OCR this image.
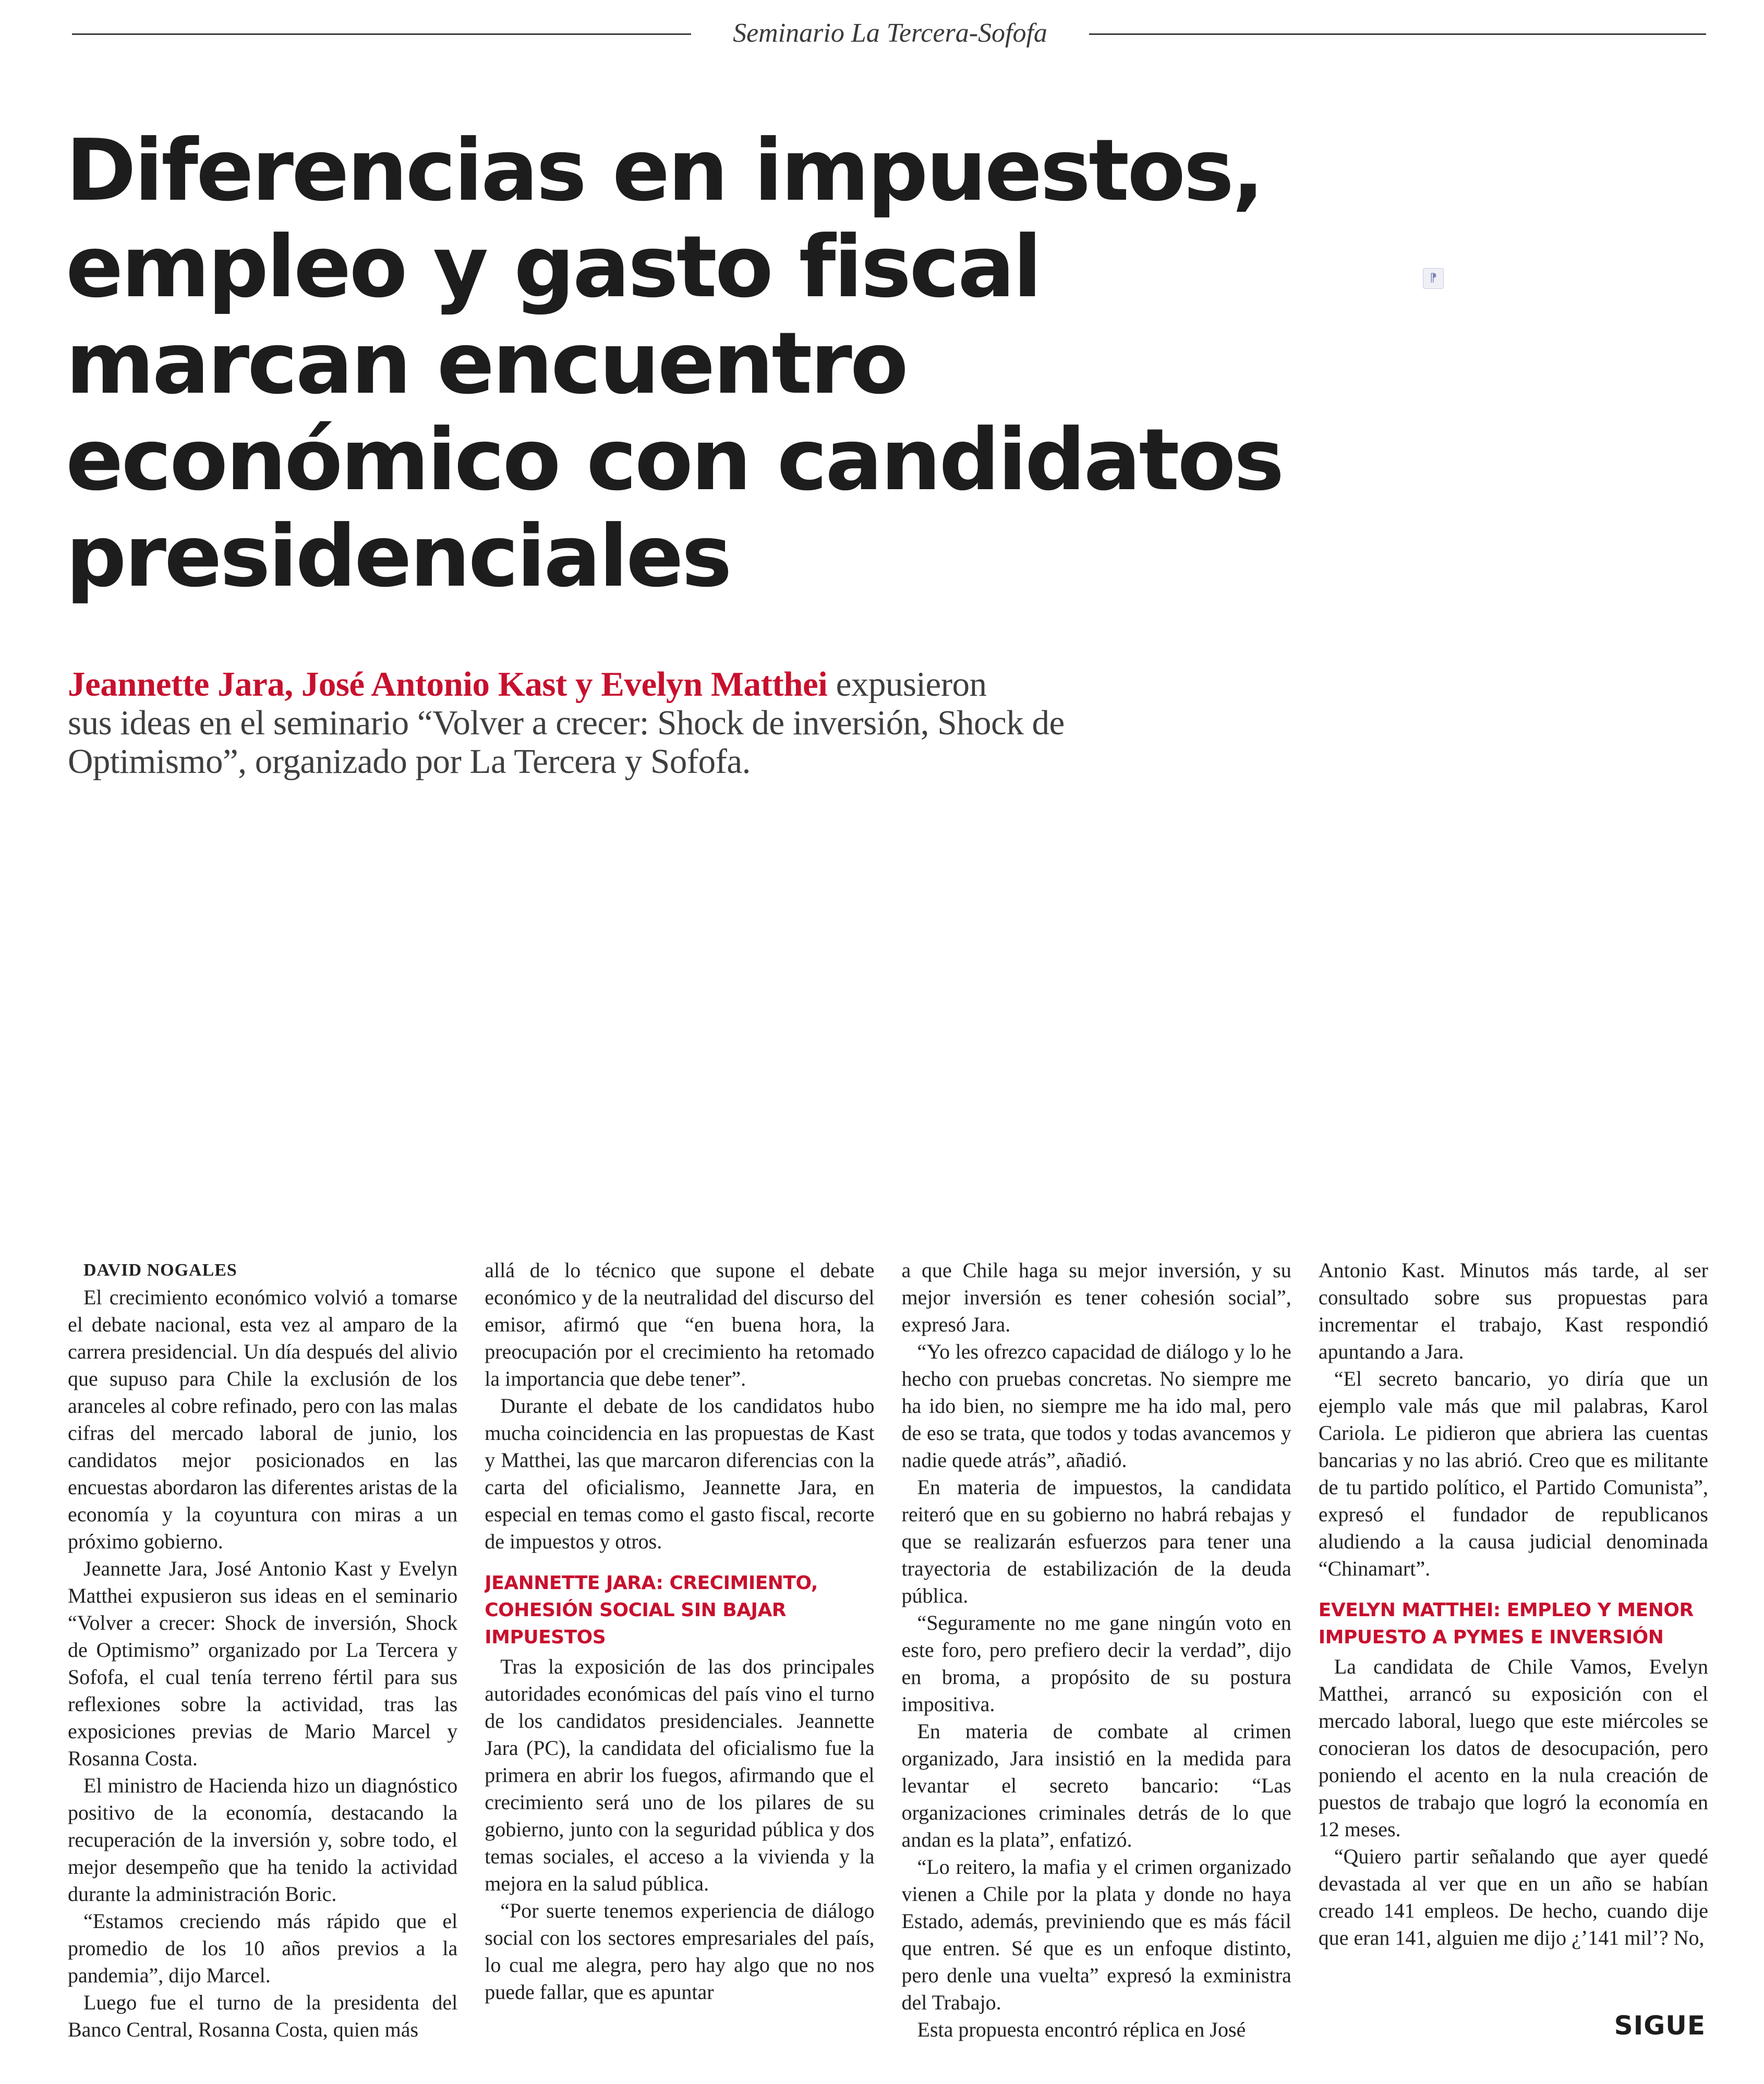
Seminario La Tercera-Sofofa
Diferencias en impuestos,
empleo y gasto fiscal
marcan encuentro
económico con candidatos
presidenciales
⁋
Jeannette Jara, José Antonio Kast y Evelyn Matthei expusieron
sus ideas en el seminario “Volver a crecer: Shock de inversión, Shock de
Optimismo”, organizado por La Tercera y Sofofa.

DAVID NOGALES

El crecimiento económico volvió a tomarse el debate nacional, esta vez al amparo de la carrera presidencial. Un día después del alivio que supuso para Chile la exclusión de los aranceles al cobre refinado, pero con las malas cifras del mercado laboral de junio, los candidatos mejor posicionados en las encuestas abordaron las diferentes aristas de la economía y la coyuntura con miras a un próximo gobierno.

Jeannette Jara, José Antonio Kast y Evelyn Matthei expusieron sus ideas en el seminario “Volver a crecer: Shock de inversión, Shock de Optimismo” organizado por La Tercera y Sofofa, el cual tenía terreno fértil para sus reflexiones sobre la actividad, tras las exposiciones previas de Mario Marcel y Rosanna Costa.

El ministro de Hacienda hizo un diagnóstico positivo de la economía, destacando la recuperación de la inversión y, sobre todo, el mejor desempeño que ha tenido la actividad durante la administración Boric.

“Estamos creciendo más rápido que el promedio de los 10 años previos a la pandemia”, dijo Marcel.

Luego fue el turno de la presidenta del Banco Central, Rosanna Costa, quien más

allá de lo técnico que supone el debate económico y de la neutralidad del discurso del emisor, afirmó que “en buena hora, la preocupación por el crecimiento ha retomado la importancia que debe tener”.

Durante el debate de los candidatos hubo mucha coincidencia en las propuestas de Kast y Matthei, las que marcaron diferencias con la carta del oficialismo, Jeannette Jara, en especial en temas como el gasto fiscal, recorte de impuestos y otros.

JEANNETTE JARA: CRECIMIENTO, COHESIÓN SOCIAL SIN BAJAR IMPUESTOS

Tras la exposición de las dos principales autoridades económicas del país vino el turno de los candidatos presidenciales. Jeannette Jara (PC), la candidata del oficialismo fue la primera en abrir los fuegos, afirmando que el crecimiento será uno de los pilares de su gobierno, junto con la seguridad pública y dos temas sociales, el acceso a la vivienda y la mejora en la salud pública.

“Por suerte tenemos experiencia de diálogo social con los sectores empresariales del país, lo cual me alegra, pero hay algo que no nos puede fallar, que es apuntar

a que Chile haga su mejor inversión, y su mejor inversión es tener cohesión social”, expresó Jara.

“Yo les ofrezco capacidad de diálogo y lo he hecho con pruebas concretas. No siempre me ha ido bien, no siempre me ha ido mal, pero de eso se trata, que todos y todas avancemos y nadie quede atrás”, añadió.

En materia de impuestos, la candidata reiteró que en su gobierno no habrá rebajas y que se realizarán esfuerzos para tener una trayectoria de estabilización de la deuda pública.

“Seguramente no me gane ningún voto en este foro, pero prefiero decir la verdad”, dijo en broma, a propósito de su postura impositiva.

En materia de combate al crimen organizado, Jara insistió en la medida para levantar el secreto bancario: “Las organizaciones criminales detrás de lo que andan es la plata”, enfatizó.

“Lo reitero, la mafia y el crimen organizado vienen a Chile por la plata y donde no haya Estado, además, previniendo que es más fácil que entren. Sé que es un enfoque distinto, pero denle una vuelta” expresó la exministra del Trabajo.

Esta propuesta encontró réplica en José

Antonio Kast. Minutos más tarde, al ser consultado sobre sus propuestas para incrementar el trabajo, Kast respondió apuntando a Jara.

“El secreto bancario, yo diría que un ejemplo vale más que mil palabras, Karol Cariola. Le pidieron que abriera las cuentas bancarias y no las abrió. Creo que es militante de tu partido político, el Partido Comunista”, expresó el fundador de republicanos aludiendo a la causa judicial denominada “Chinamart”.

EVELYN MATTHEI: EMPLEO Y MENOR IMPUESTO A PYMES E INVERSIÓN

La candidata de Chile Vamos, Evelyn Matthei, arrancó su exposición con el mercado laboral, luego que este miércoles se conocieran los datos de desocupación, pero poniendo el acento en la nula creación de puestos de trabajo que logró la economía en 12 meses.

“Quiero partir señalando que ayer quedé devastada al ver que en un año se habían creado 141 empleos. De hecho, cuando dije que eran 141, alguien me dijo ¿’141 mil’? No,

SIGUE
